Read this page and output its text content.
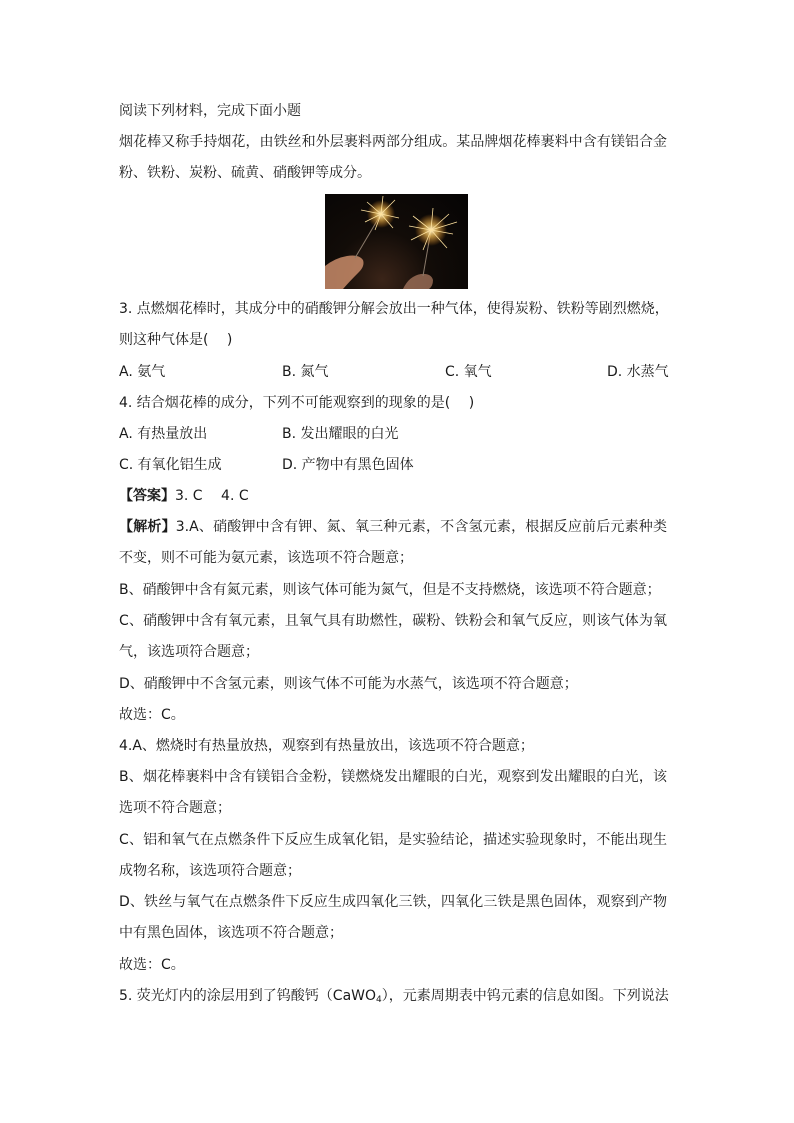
阅读下列材料，完成下面小题
烟花棒又称手持烟花，由铁丝和外层裹料两部分组成。某品牌烟花棒裹料中含有镁铝合金粉、铁粉、炭粉、硫黄、硝酸钾等成分。
3. 点燃烟花棒时，其成分中的硝酸钾分解会放出一种气体，使得炭粉、铁粉等剧烈燃烧，
则这种气体是(　 )
A. 氨气	B. 氮气	C. 氧气	D. 水蒸气
4. 结合烟花棒的成分，下列不可能观察到的现象的是(　 )
A. 有热量放出	B. 发出耀眼的白光
C. 有氧化铝生成	D. 产物中有黑色固体
【答案】3. C　 4. C
【解析】3.A、硝酸钾中含有钾、氮、氧三种元素，不含氢元素，根据反应前后元素种类不变，则不可能为氨元素，该选项不符合题意；
B、硝酸钾中含有氮元素，则该气体可能为氮气，但是不支持燃烧，该选项不符合题意；
C、硝酸钾中含有氧元素，且氧气具有助燃性，碳粉、铁粉会和氧气反应，则该气体为氧气，该选项符合题意；
D、硝酸钾中不含氢元素，则该气体不可能为水蒸气，该选项不符合题意；
故选：C。
4.A、燃烧时有热量放热，观察到有热量放出，该选项不符合题意；
B、烟花棒裹料中含有镁铝合金粉，镁燃烧发出耀眼的白光，观察到发出耀眼的白光，该选项不符合题意；
C、铝和氧气在点燃条件下反应生成氧化铝，是实验结论，描述实验现象时，不能出现生成物名称，该选项符合题意；
D、铁丝与氧气在点燃条件下反应生成四氧化三铁，四氧化三铁是黑色固体，观察到产物中有黑色固体，该选项不符合题意；
故选：C。
5. 荧光灯内的涂层用到了钨酸钙（CaWO$_4$），元素周期表中钨元素的信息如图。下列说法
